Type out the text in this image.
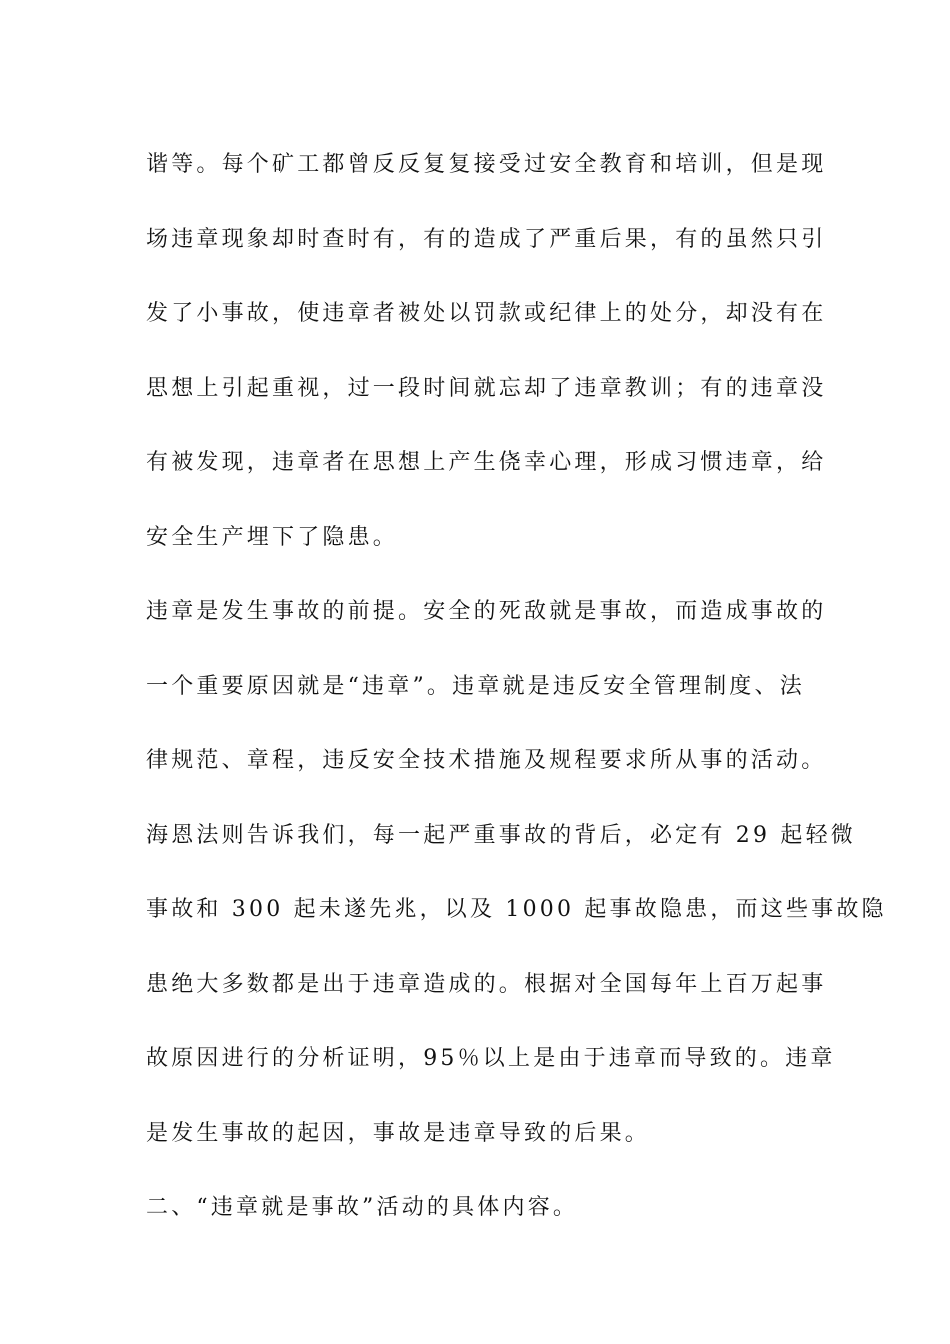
谐等。每个矿工都曾反反复复接受过安全教育和培训，但是现
场违章现象却时查时有，有的造成了严重后果，有的虽然只引
发了小事故，使违章者被处以罚款或纪律上的处分，却没有在
思想上引起重视，过一段时间就忘却了违章教训；有的违章没
有被发现，违章者在思想上产生侥幸心理，形成习惯违章，给
安全生产埋下了隐患。
违章是发生事故的前提。安全的死敌就是事故，而造成事故的
一个重要原因就是“违章”。违章就是违反安全管理制度、法
律规范、章程，违反安全技术措施及规程要求所从事的活动。
海恩法则告诉我们，每一起严重事故的背后，必定有 29 起轻微
事故和 300 起未遂先兆，以及 1000 起事故隐患，而这些事故隐
患绝大多数都是出于违章造成的。根据对全国每年上百万起事
故原因进行的分析证明，95％以上是由于违章而导致的。违章
是发生事故的起因，事故是违章导致的后果。
二、“违章就是事故”活动的具体内容。
